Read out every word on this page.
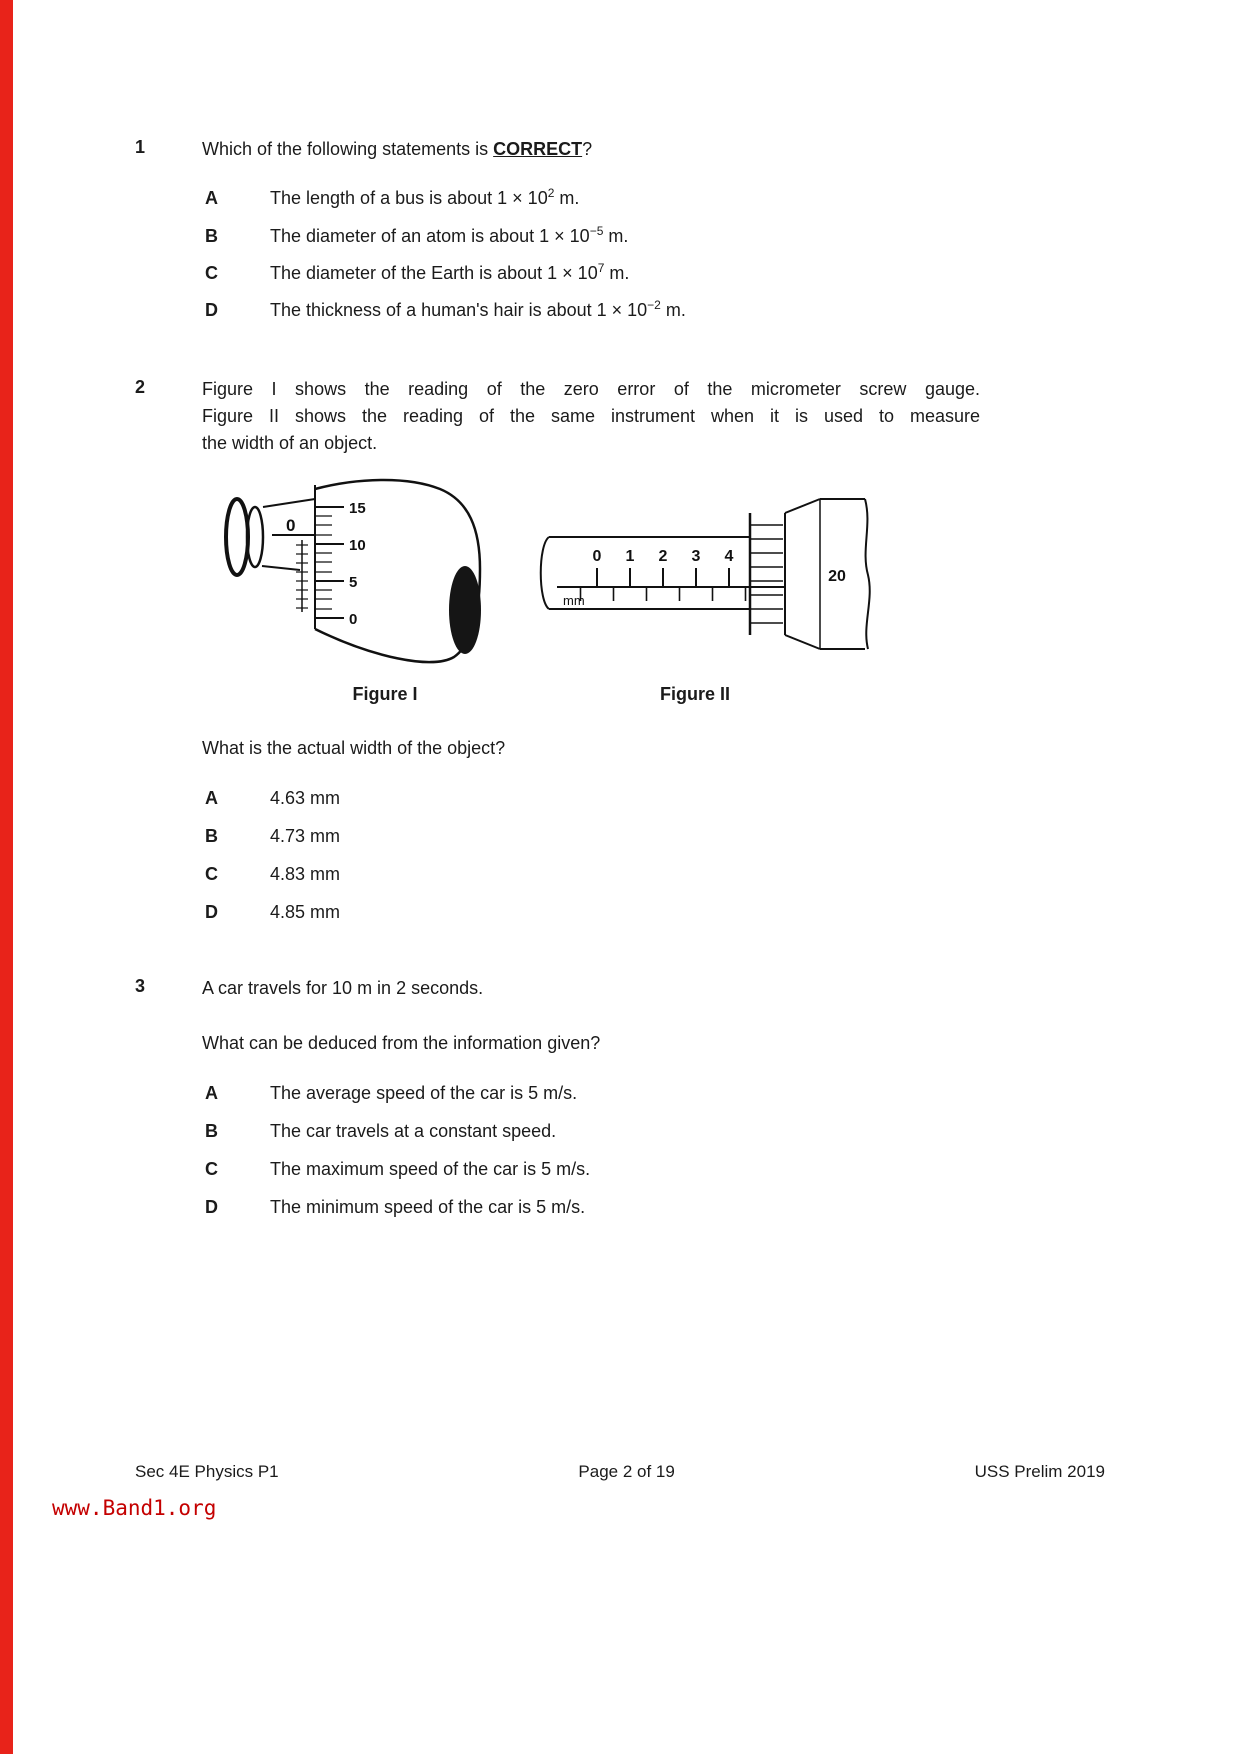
1	Which of the following statements is CORRECT?
A	The length of a bus is about $1 \times 10^2$ m.
B	The diameter of an atom is about $1 \times 10^{-5}$ m.
C	The diameter of the Earth is about $1 \times 10^7$ m.
D	The thickness of a human's hair is about $1 \times 10^{-2}$ m.
2	Figure I shows the reading of the zero error of the micrometer screw gauge.
Figure II shows the reading of the same instrument when it is used to measure
the width of an object.
0
15
10
5
0
0 1 2 3 4
mm
20
Figure I	Figure II
What is the actual width of the object?
A	4.63 mm
B	4.73 mm
C	4.83 mm
D	4.85 mm
3	A car travels for 10 m in 2 seconds.
What can be deduced from the information given?
A	The average speed of the car is 5 m/s.
B	The car travels at a constant speed.
C	The maximum speed of the car is 5 m/s.
D	The minimum speed of the car is 5 m/s.
Sec 4E Physics P1	Page 2 of 19	USS Prelim 2019
www.Band1.org
